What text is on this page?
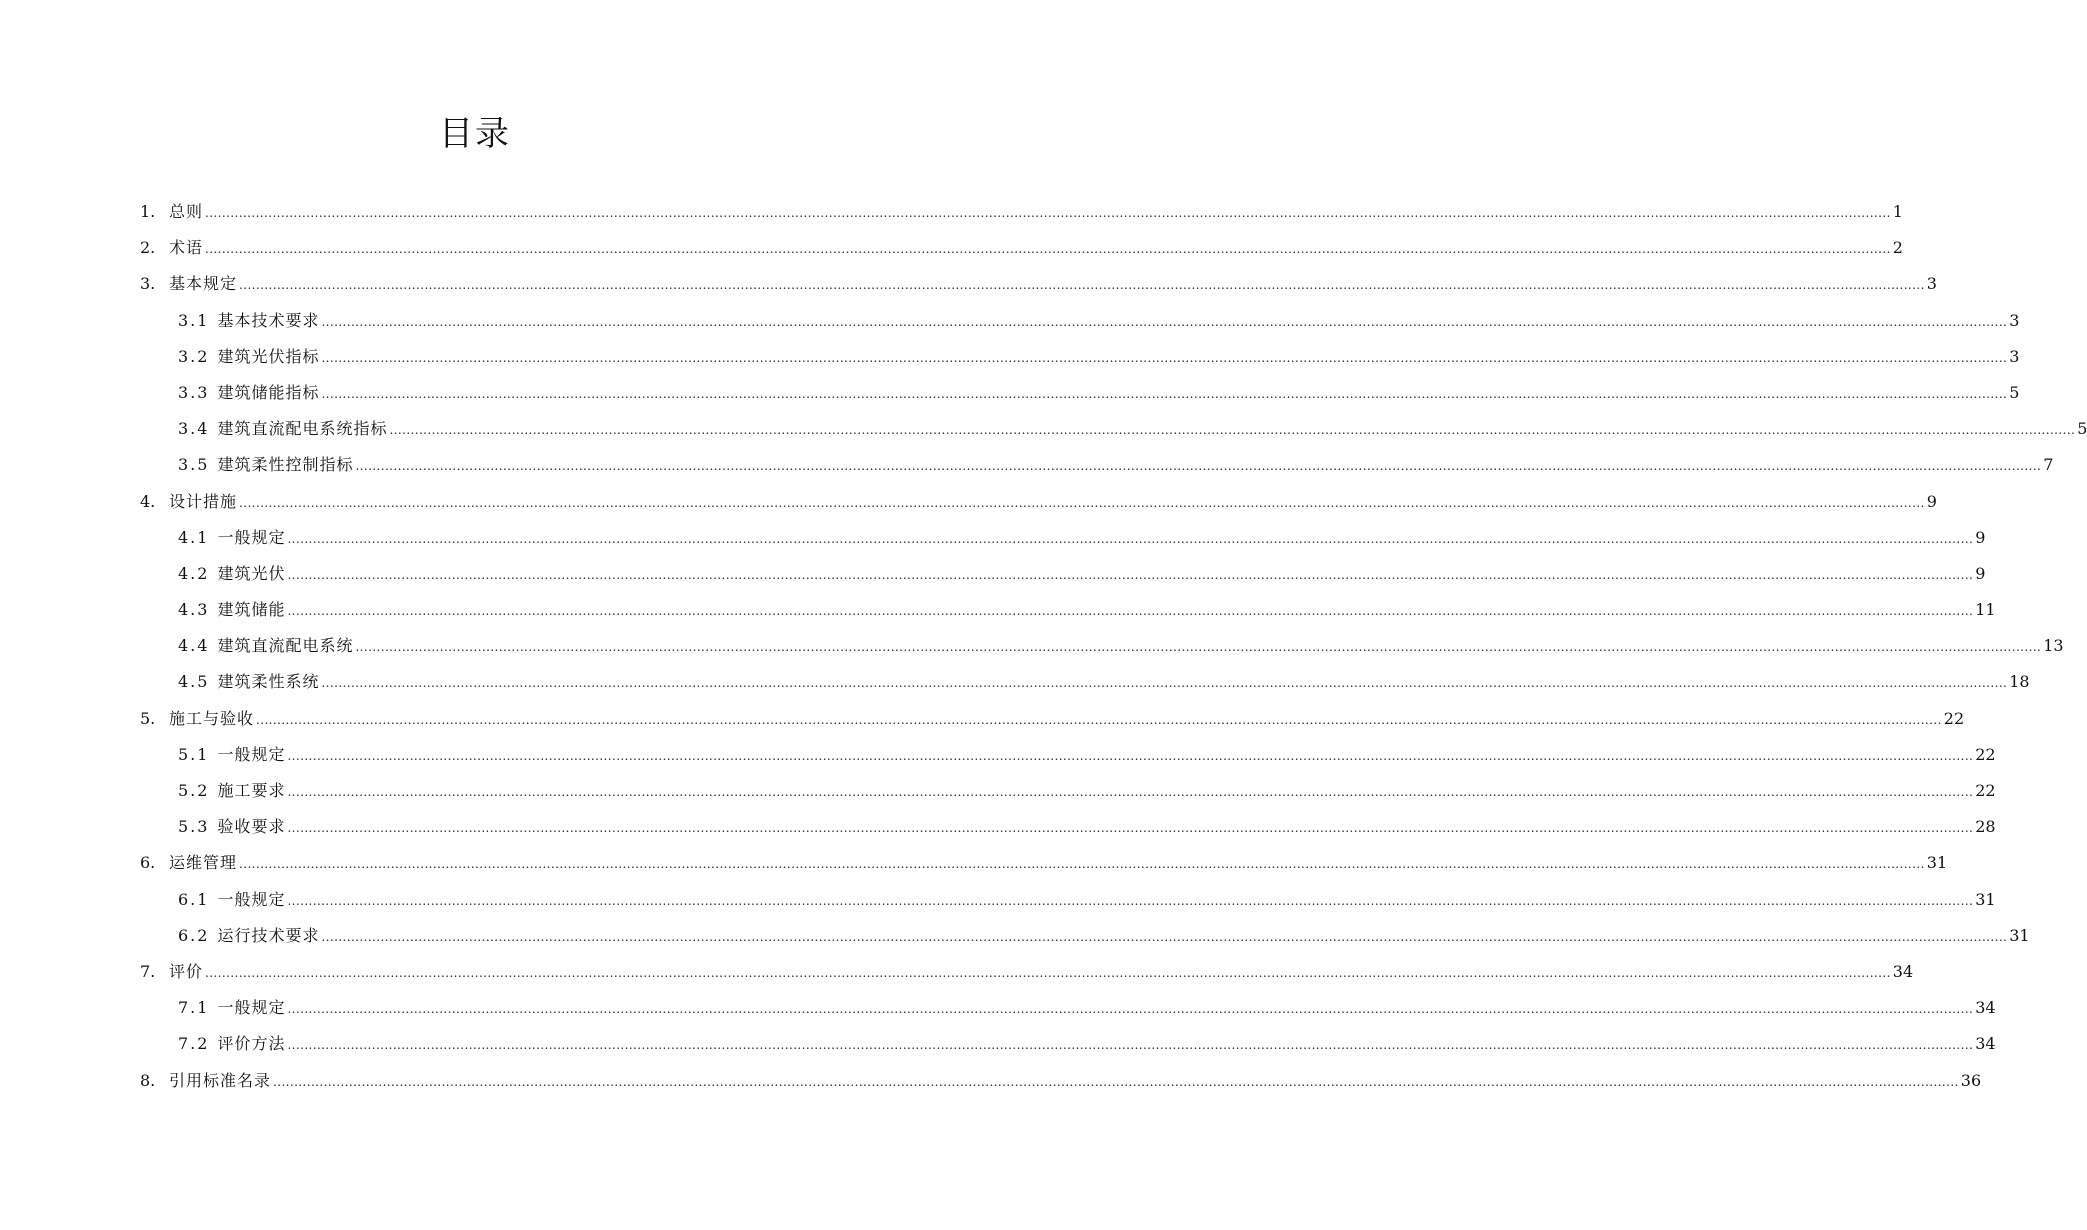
目录
1. 总则 ................................................................................................................................................................................................................................................................................................................................................................................................................ 1
2. 术语 ................................................................................................................................................................................................................................................................................................................................................................................................................ 2
3. 基本规定 ................................................................................................................................................................................................................................................................................................................................................................................................................ 3
3.1 基本技术要求 ................................................................................................................................................................................................................................................................................................................................................................................................................ 3
3.2 建筑光伏指标 ................................................................................................................................................................................................................................................................................................................................................................................................................ 3
3.3 建筑储能指标 ................................................................................................................................................................................................................................................................................................................................................................................................................ 5
3.4 建筑直流配电系统指标 ................................................................................................................................................................................................................................................................................................................................................................................................................ 5
3.5 建筑柔性控制指标 ................................................................................................................................................................................................................................................................................................................................................................................................................ 7
4. 设计措施 ................................................................................................................................................................................................................................................................................................................................................................................................................ 9
4.1 一般规定 ................................................................................................................................................................................................................................................................................................................................................................................................................ 9
4.2 建筑光伏 ................................................................................................................................................................................................................................................................................................................................................................................................................ 9
4.3 建筑储能 ................................................................................................................................................................................................................................................................................................................................................................................................................ 11
4.4 建筑直流配电系统 ................................................................................................................................................................................................................................................................................................................................................................................................................ 13
4.5 建筑柔性系统 ................................................................................................................................................................................................................................................................................................................................................................................................................ 18
5. 施工与验收 ................................................................................................................................................................................................................................................................................................................................................................................................................ 22
5.1 一般规定 ................................................................................................................................................................................................................................................................................................................................................................................................................ 22
5.2 施工要求 ................................................................................................................................................................................................................................................................................................................................................................................................................ 22
5.3 验收要求 ................................................................................................................................................................................................................................................................................................................................................................................................................ 28
6. 运维管理 ................................................................................................................................................................................................................................................................................................................................................................................................................ 31
6.1 一般规定 ................................................................................................................................................................................................................................................................................................................................................................................................................ 31
6.2 运行技术要求 ................................................................................................................................................................................................................................................................................................................................................................................................................ 31
7. 评价 ................................................................................................................................................................................................................................................................................................................................................................................................................ 34
7.1 一般规定 ................................................................................................................................................................................................................................................................................................................................................................................................................ 34
7.2 评价方法 ................................................................................................................................................................................................................................................................................................................................................................................................................ 34
8. 引用标准名录 ................................................................................................................................................................................................................................................................................................................................................................................................................ 36
